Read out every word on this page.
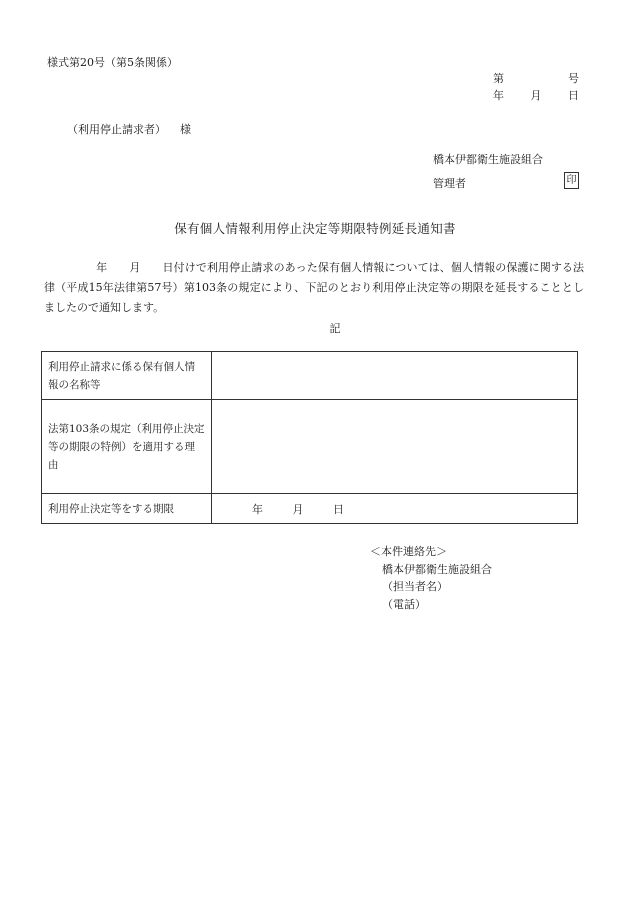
様式第20号（第5条関係）
第	号
年 月 日
（利用停止請求者） 様
橋本伊都衛生施設組合
管理者	印
保有個人情報利用停止決定等期限特例延長通知書
年 月 日付けで利用停止請求のあった保有個人情報については、個人情報の保護に関する法律（平成15年法律第57号）第103条の規定により、下記のとおり利用停止決定等の期限を延長することとしましたので通知します。
記
利用停止請求に係る保有個人情報の名称等	
法第103条の規定（利用停止決定等の期限の特例）を適用する理由	
利用停止決定等をする期限	年 月 日
＜本件連絡先＞
橋本伊都衛生施設組合
（担当者名）
（電話）
